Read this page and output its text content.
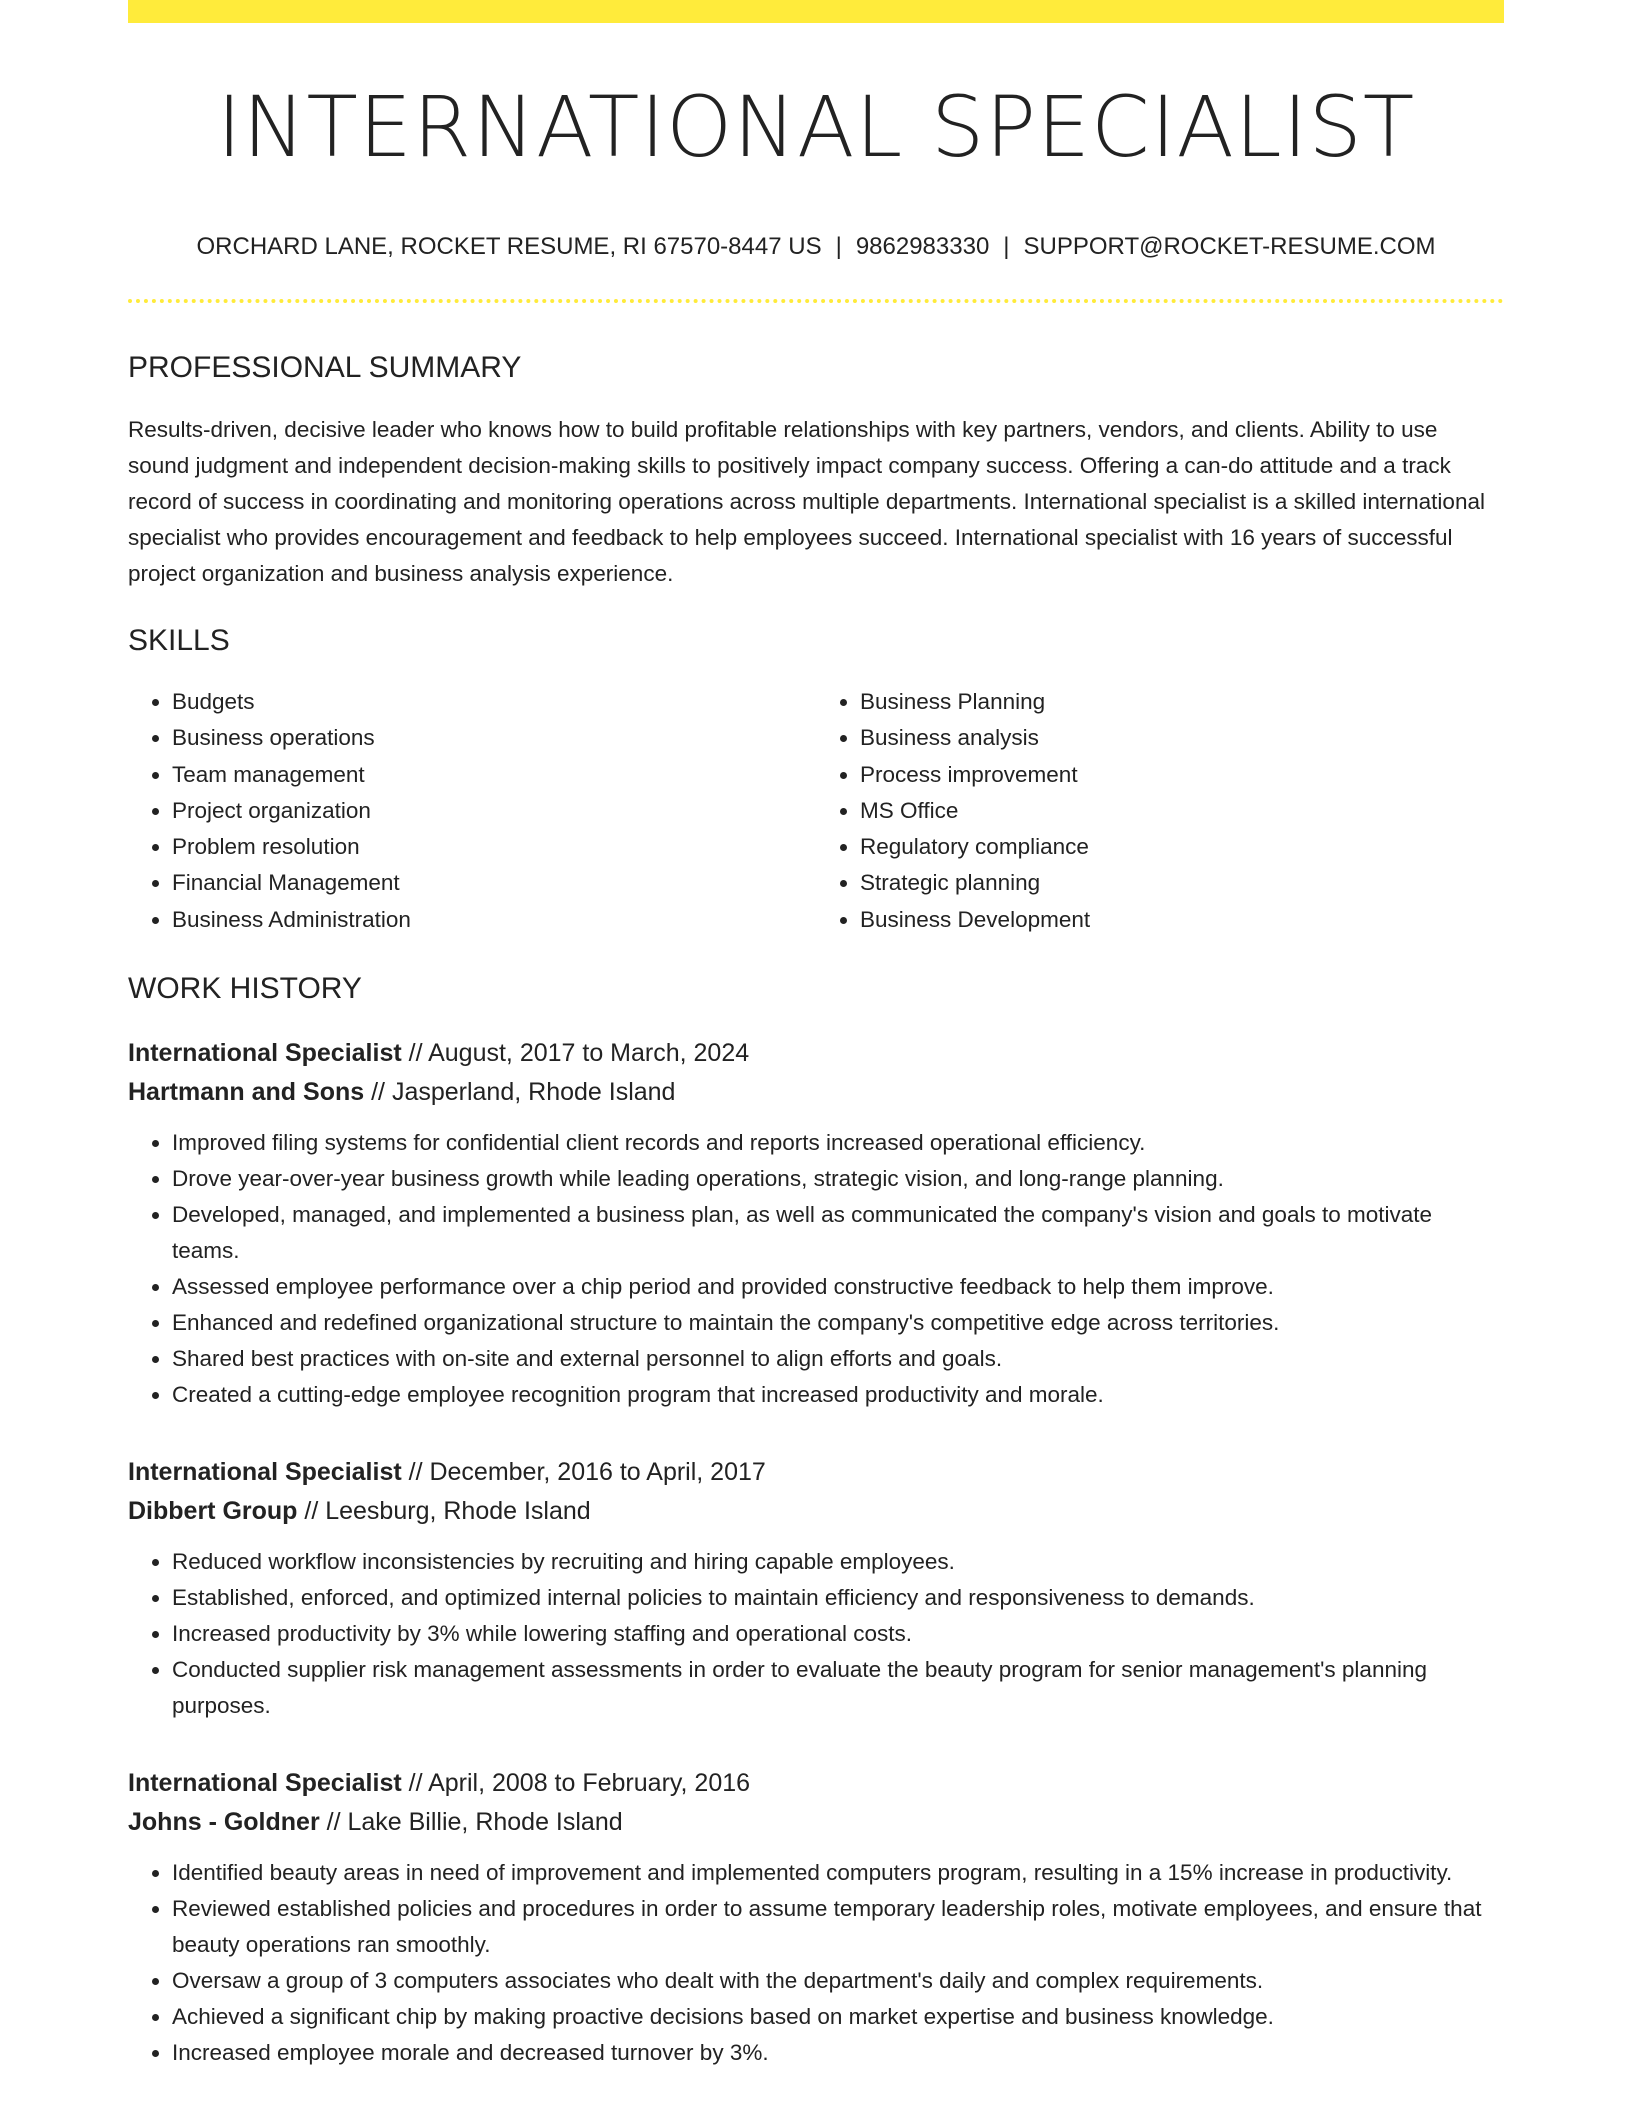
INTERNATIONAL SPECIALIST
ORCHARD LANE, ROCKET RESUME, RI 67570-8447 US | 9862983330 | SUPPORT@ROCKET-RESUME.COM
PROFESSIONAL SUMMARY

Results-driven, decisive leader who knows how to build profitable relationships with key partners, vendors, and clients. Ability to use sound judgment and independent decision-making skills to positively impact company success. Offering a can-do attitude and a track record of success in coordinating and monitoring operations across multiple departments. International specialist is a skilled international specialist who provides encouragement and feedback to help employees succeed. International specialist with 16 years of successful project organization and business analysis experience.

SKILLS
• Budgets
• Business operations
• Team management
• Project organization
• Problem resolution
• Financial Management
• Business Administration
• Business Planning
• Business analysis
• Process improvement
• MS Office
• Regulatory compliance
• Strategic planning
• Business Development
WORK HISTORY
International Specialist // August, 2017 to March, 2024
Hartmann and Sons // Jasperland, Rhode Island
• Improved filing systems for confidential client records and reports increased operational efficiency.
• Drove year-over-year business growth while leading operations, strategic vision, and long-range planning.
• Developed, managed, and implemented a business plan, as well as communicated the company's vision and goals to motivate teams.
• Assessed employee performance over a chip period and provided constructive feedback to help them improve.
• Enhanced and redefined organizational structure to maintain the company's competitive edge across territories.
• Shared best practices with on-site and external personnel to align efforts and goals.
• Created a cutting-edge employee recognition program that increased productivity and morale.
International Specialist // December, 2016 to April, 2017
Dibbert Group // Leesburg, Rhode Island
• Reduced workflow inconsistencies by recruiting and hiring capable employees.
• Established, enforced, and optimized internal policies to maintain efficiency and responsiveness to demands.
• Increased productivity by 3% while lowering staffing and operational costs.
• Conducted supplier risk management assessments in order to evaluate the beauty program for senior management's planning purposes.
International Specialist // April, 2008 to February, 2016
Johns - Goldner // Lake Billie, Rhode Island
• Identified beauty areas in need of improvement and implemented computers program, resulting in a 15% increase in productivity.
• Reviewed established policies and procedures in order to assume temporary leadership roles, motivate employees, and ensure that beauty operations ran smoothly.
• Oversaw a group of 3 computers associates who dealt with the department's daily and complex requirements.
• Achieved a significant chip by making proactive decisions based on market expertise and business knowledge.
• Increased employee morale and decreased turnover by 3%.
